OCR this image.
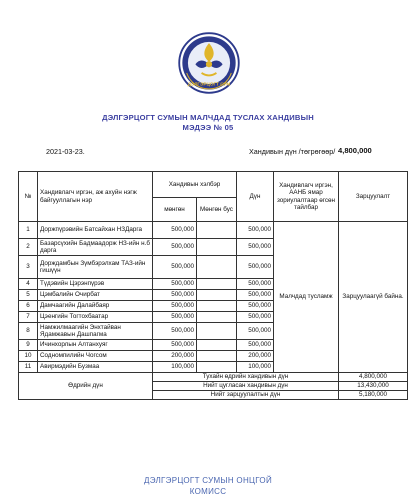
ДЭЛГЭРЦОГТ СУМ
ДЭЛГЭРЦОГТ СУМЫН МАЛЧДАД ТУСЛАХ ХАНДИВЫН
МЭДЭЭ № 05
2021-03-23.	Хандивын дүн /төгрөгөөр/ 4,800,000
№	Хандивлагч иргэн, аж ахуйн нэгж байгууллагын нэр	Хандивын хэлбэр		Дүн	Хандивлагч иргэн, ААНБ ямар зориулалтаар өгсөн тайлбар	Зарцуулалт
		мөнгөн	Мөнгөн бус			
1	Доржпүрэвийн Батсайхан НЗДарга	500,000		500,000	Малчдад тусламж	Зарцуулаагүй байна.
2	Базарсүхийн Бадмаадорж НЗ-ийн н.б дарга	500,000		500,000		
3	Дорждамбын Зүмбэрэлхам ТАЗ-ийн гишүүн	500,000		500,000		
4	Түдэвийн Цэрэнпүрэв	500,000		500,000		
5	Цэмбалийн Очирбат	500,000		500,000		
6	Дамчаагийн Далайбаяр	500,000		500,000		
7	Цэенгийн Тогтохбаатар	500,000		500,000		
8	Намжилмаагийн Энхтайван Ядамжавын Дашпагма	500,000		500,000		
9	Ичинхорлын Алтанхуяг	500,000		500,000		
10	Содномпилийн Чогсом	200,000		200,000		
11	Авирмэдийн Бузмаа	100,000		100,000		
Өдрийн дүн		Тухайн өдрийн хандивын дүн				4,800,000
		Нийт цугласан хандивын дүн				13,430,000
		Нийт зарцуулалтын дүн				5,180,000
ДЭЛГЭРЦОГТ СУМЫН ОНЦГОЙ
КОМИСС
